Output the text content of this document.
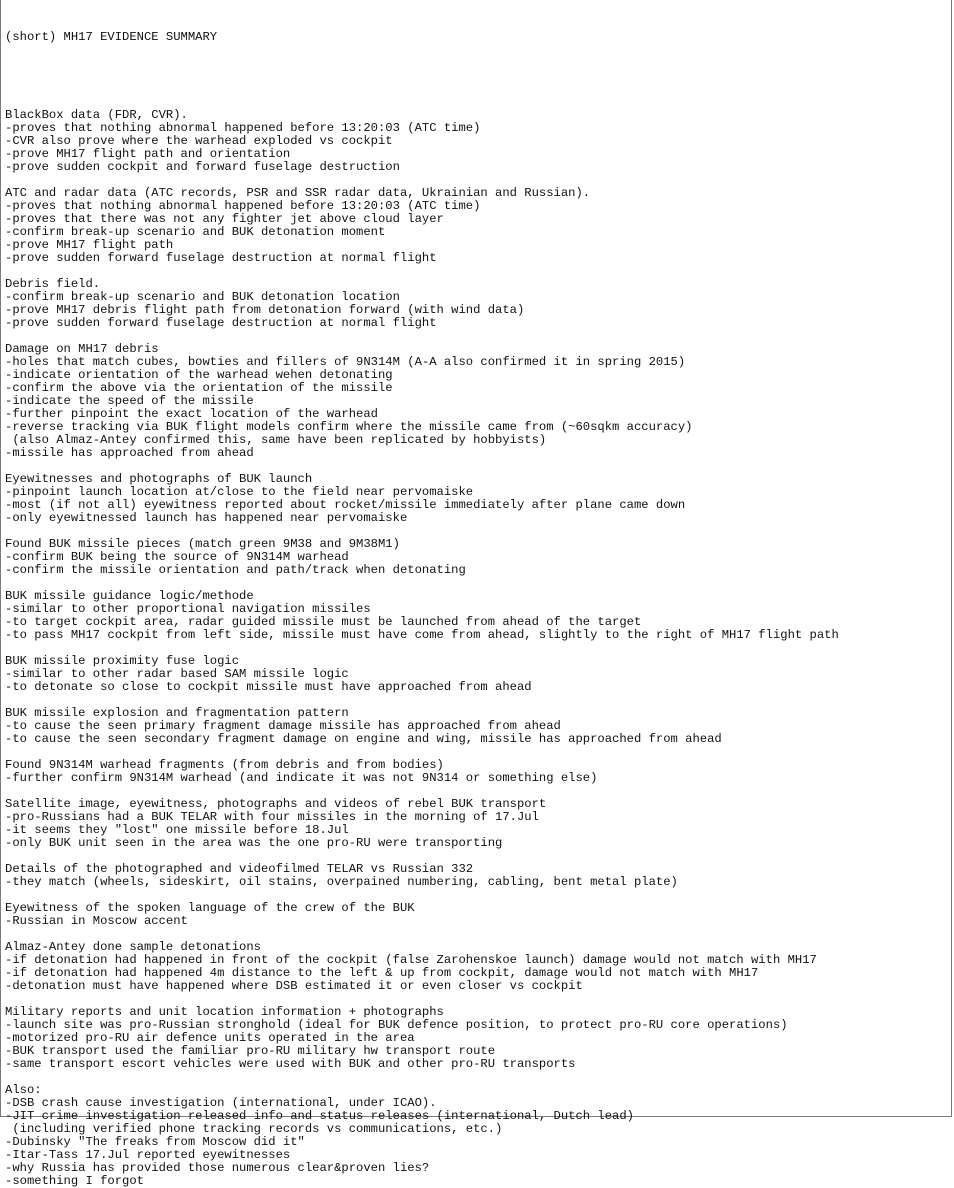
(short) MH17 EVIDENCE SUMMARY

BlackBox data (FDR, CVR).
-proves that nothing abnormal happened before 13:20:03 (ATC time)
-CVR also prove where the warhead exploded vs cockpit
-prove MH17 flight path and orientation
-prove sudden cockpit and forward fuselage destruction
ATC and radar data (ATC records, PSR and SSR radar data, Ukrainian and Russian).
-proves that nothing abnormal happened before 13:20:03 (ATC time)
-proves that there was not any fighter jet above cloud layer
-confirm break-up scenario and BUK detonation moment
-prove MH17 flight path
-prove sudden forward fuselage destruction at normal flight
Debris field.
-confirm break-up scenario and BUK detonation location
-prove MH17 debris flight path from detonation forward (with wind data)
-prove sudden forward fuselage destruction at normal flight
Damage on MH17 debris
-holes that match cubes, bowties and fillers of 9N314M (A-A also confirmed it in spring 2015)
-indicate orientation of the warhead wehen detonating
-confirm the above via the orientation of the missile
-indicate the speed of the missile
-further pinpoint the exact location of the warhead
-reverse tracking via BUK flight models confirm where the missile came from (~60sqkm accuracy)
(also Almaz-Antey confirmed this, same have been replicated by hobbyists)
-missile has approached from ahead
Eyewitnesses and photographs of BUK launch
-pinpoint launch location at/close to the field near pervomaiske
-most (if not all) eyewitness reported about rocket/missile immediately after plane came down
-only eyewitnessed launch has happened near pervomaiske
Found BUK missile pieces (match green 9M38 and 9M38M1)
-confirm BUK being the source of 9N314M warhead
-confirm the missile orientation and path/track when detonating
BUK missile guidance logic/methode
-similar to other proportional navigation missiles
-to target cockpit area, radar guided missile must be launched from ahead of the target
-to pass MH17 cockpit from left side, missile must have come from ahead, slightly to the right of MH17 flight path
BUK missile proximity fuse logic
-similar to other radar based SAM missile logic
-to detonate so close to cockpit missile must have approached from ahead
BUK missile explosion and fragmentation pattern
-to cause the seen primary fragment damage missile has approached from ahead
-to cause the seen secondary fragment damage on engine and wing, missile has approached from ahead
Found 9N314M warhead fragments (from debris and from bodies)
-further confirm 9N314M warhead (and indicate it was not 9N314 or something else)
Satellite image, eyewitness, photographs and videos of rebel BUK transport
-pro-Russians had a BUK TELAR with four missiles in the morning of 17.Jul
-it seems they "lost" one missile before 18.Jul
-only BUK unit seen in the area was the one pro-RU were transporting
Details of the photographed and videofilmed TELAR vs Russian 332
-they match (wheels, sideskirt, oil stains, overpained numbering, cabling, bent metal plate)
Eyewitness of the spoken language of the crew of the BUK
-Russian in Moscow accent
Almaz-Antey done sample detonations
-if detonation had happened in front of the cockpit (false Zarohenskoe launch) damage would not match with MH17
-if detonation had happened 4m distance to the left & up from cockpit, damage would not match with MH17
-detonation must have happened where DSB estimated it or even closer vs cockpit
Military reports and unit location information + photographs
-launch site was pro-Russian stronghold (ideal for BUK defence position, to protect pro-RU core operations)
-motorized pro-RU air defence units operated in the area
-BUK transport used the familiar pro-RU military hw transport route
-same transport escort vehicles were used with BUK and other pro-RU transports
Also:
-DSB crash cause investigation (international, under ICAO).
-JIT crime investigation released info and status releases (international, Dutch lead)
(including verified phone tracking records vs communications, etc.)
-Dubinsky "The freaks from Moscow did it"
-Itar-Tass 17.Jul reported eyewitnesses
-why Russia has provided those numerous clear&proven lies?
-something I forgot
